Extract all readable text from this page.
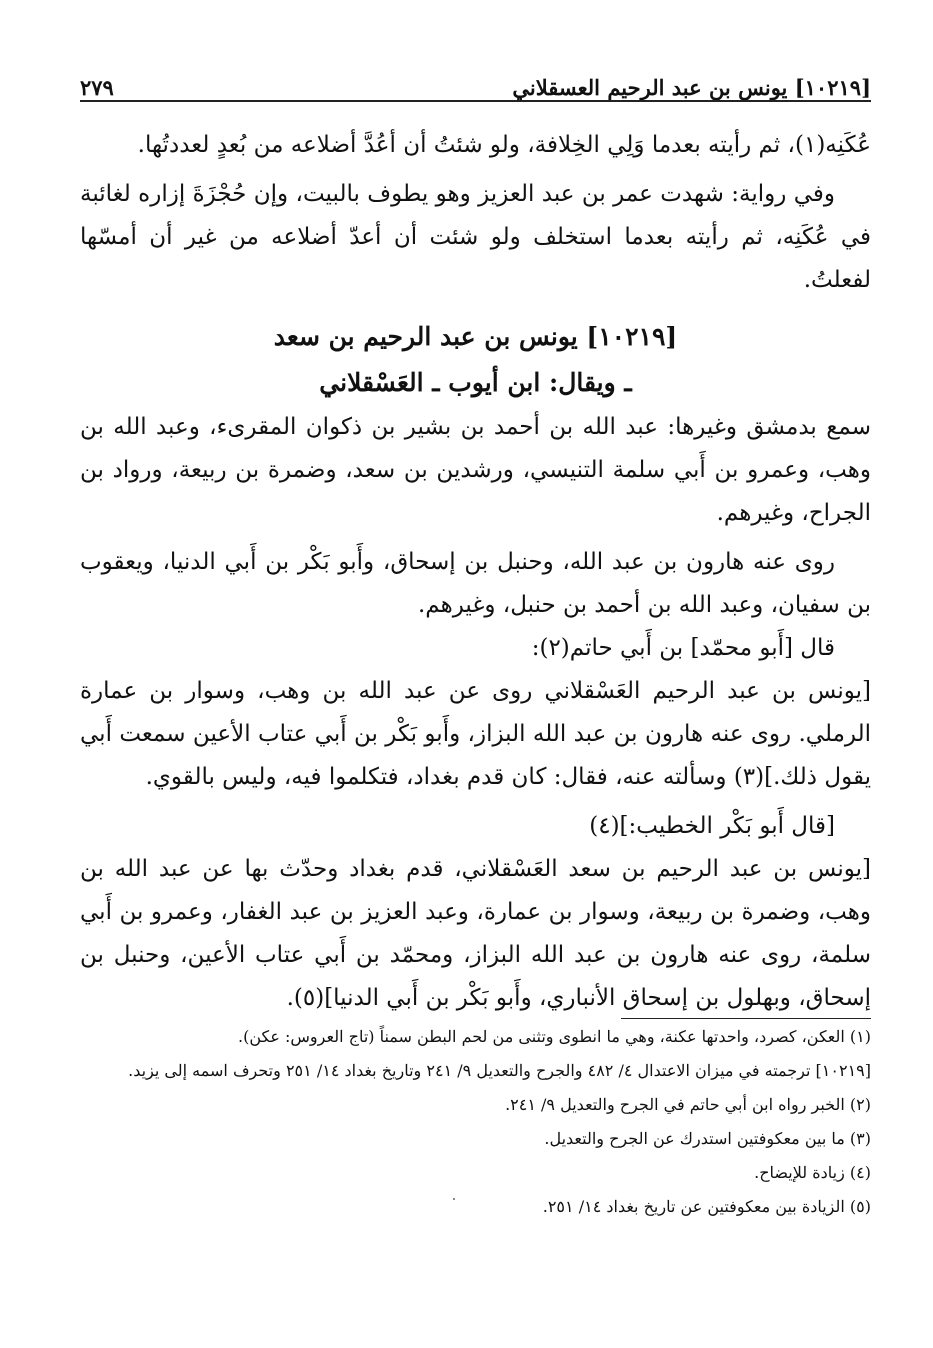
[١٠٢١٩] يونس بن عبد الرحيم العسقلاني
٢٧٩

عُكَنِه(١)، ثم رأيته بعدما وَلِي الخِلافة، ولو شئتُ أن أعُدَّ أضلاعه من بُعدٍ لعددتُها.

وفي رواية: شهدت عمر بن عبد العزيز وهو يطوف بالبيت، وإن حُجْزَةَ إزاره لغائبة في عُكَنِه، ثم رأيته بعدما استخلف ولو شئت أن أعدّ أضلاعه من غير أن أمسّها لفعلتُ.

[١٠٢١٩] يونس بن عبد الرحيم بن سعد
ـ ويقال: ابن أيوب ـ العَسْقلاني

سمع بدمشق وغيرها: عبد الله بن أحمد بن بشير بن ذكوان المقرىء، وعبد الله بن وهب، وعمرو بن أَبي سلمة التنيسي، ورشدين بن سعد، وضمرة بن ربيعة، ورواد بن الجراح، وغيرهم.

روى عنه هارون بن عبد الله، وحنبل بن إسحاق، وأَبو بَكْر بن أَبي الدنيا، ويعقوب بن سفيان، وعبد الله بن أحمد بن حنبل، وغيرهم.

قال [أَبو محمّد] بن أَبي حاتم(٢):

[يونس بن عبد الرحيم العَسْقلاني روى عن عبد الله بن وهب، وسوار بن عمارة الرملي. روى عنه هارون بن عبد الله البزاز، وأَبو بَكْر بن أَبي عتاب الأعين سمعت أَبي يقول ذلك.](٣) وسألته عنه، فقال: كان قدم بغداد، فتكلموا فيه، وليس بالقوي.

[قال أَبو بَكْر الخطيب:](٤)

[يونس بن عبد الرحيم بن سعد العَسْقلاني، قدم بغداد وحدّث بها عن عبد الله بن وهب، وضمرة بن ربيعة، وسوار بن عمارة، وعبد العزيز بن عبد الغفار، وعمرو بن أَبي سلمة، روى عنه هارون بن عبد الله البزاز، ومحمّد بن أَبي عتاب الأعين، وحنبل بن إسحاق، وبهلول بن إسحاق الأنباري، وأَبو بَكْر بن أَبي الدنيا](٥).

(١) العكن، كصرد، واحدتها عكنة، وهي ما انطوى وتثنى من لحم البطن سمناً (تاج العروس: عكن).
[١٠٢١٩] ترجمته في ميزان الاعتدال ٤/ ٤٨٢ والجرح والتعديل ٩/ ٢٤١ وتاريخ بغداد ١٤/ ٢٥١ وتحرف اسمه إلى يزيد.
(٢) الخبر رواه ابن أبي حاتم في الجرح والتعديل ٩/ ٢٤١.
(٣) ما بين معكوفتين استدرك عن الجرح والتعديل.
(٤) زيادة للإيضاح.
(٥) الزيادة بين معكوفتين عن تاريخ بغداد ١٤/ ٢٥١.
